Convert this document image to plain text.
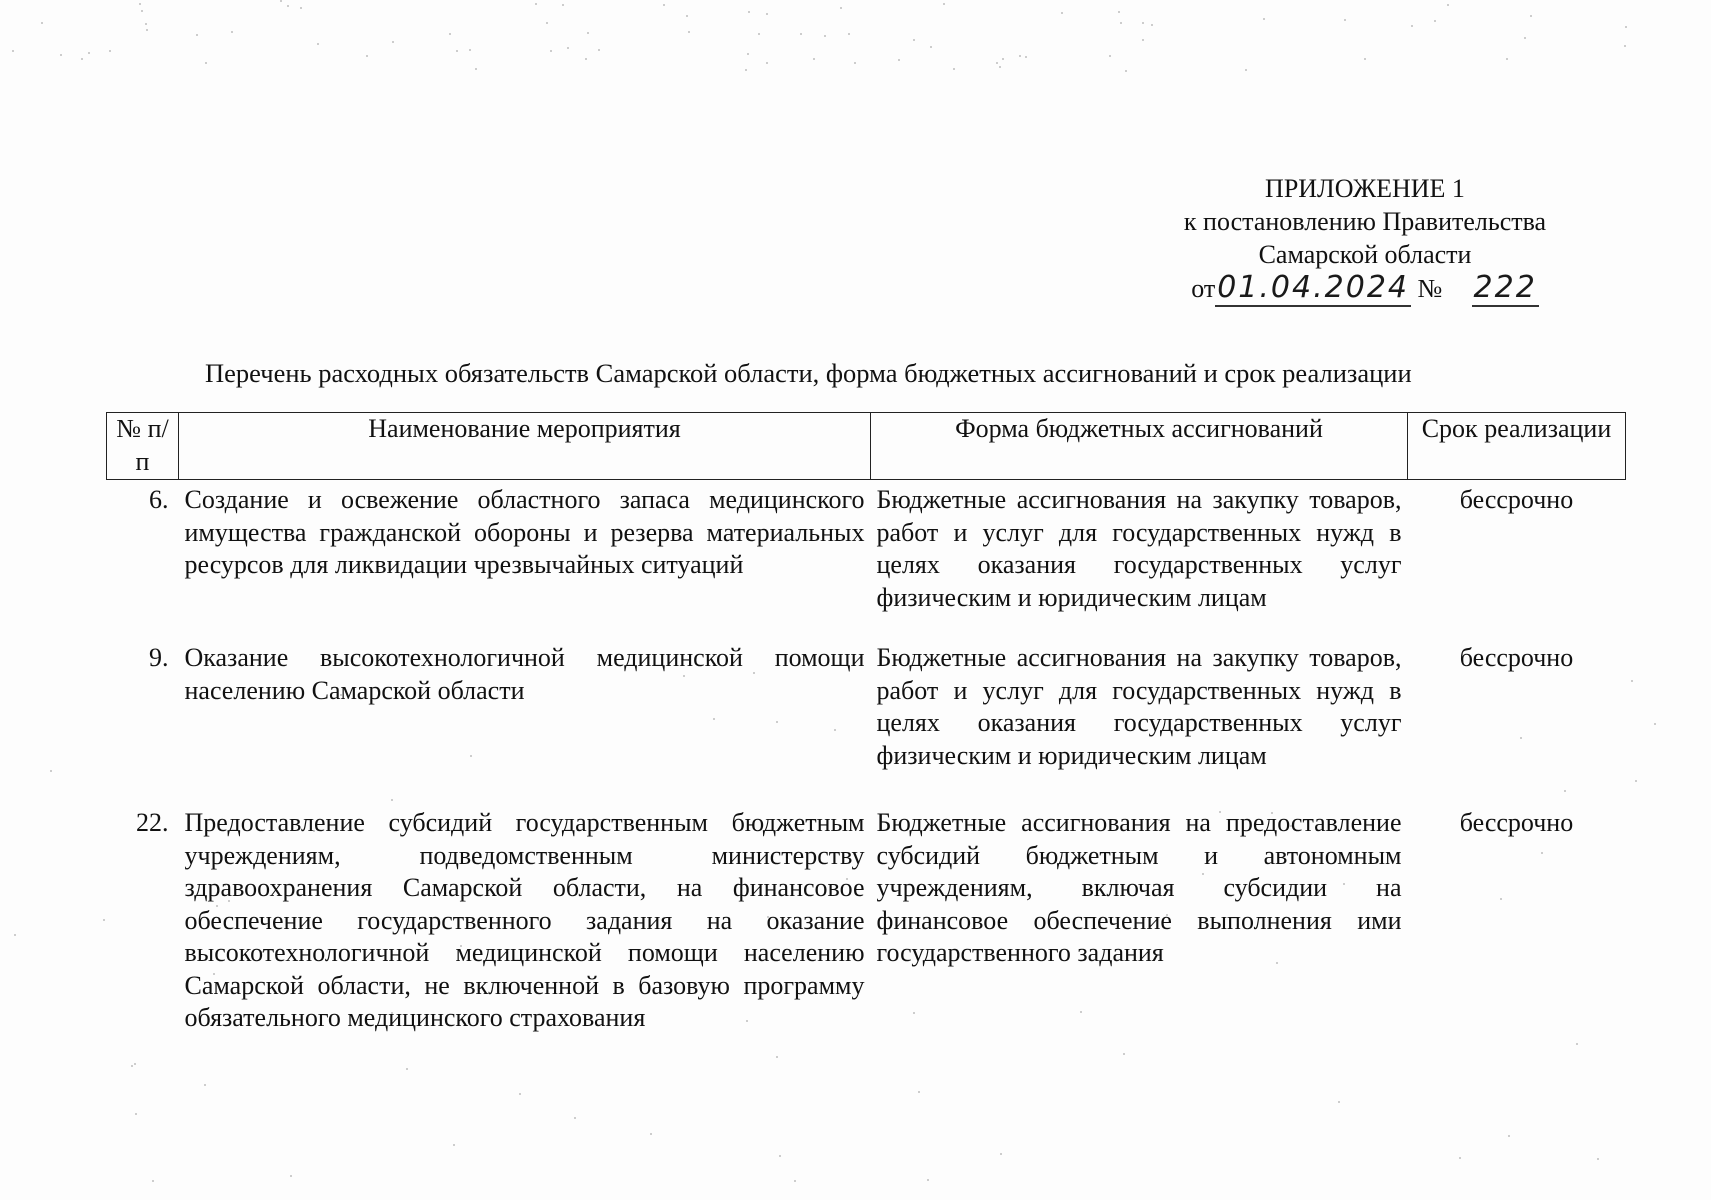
ПРИЛОЖЕНИЕ 1
к постановлению Правительства
Самарской области
от01.04.2024 № 222
Перечень расходных обязательств Самарской области, форма бюджетных ассигнований и срок реализации
№ п/п	Наименование мероприятия	Форма бюджетных ассигнований	Срок реализации
6.	Создание и освежение областного запаса медицинского имущества гражданской обороны и резерва материальных ресурсов для ликвидации чрезвычайных ситуаций	Бюджетные ассигнования на закупку товаров, работ и услуг для государственных нужд в целях оказания государственных услуг физическим и юридическим лицам	бессрочно
9.	Оказание высокотехнологичной медицинской помощи населению Самарской области	Бюджетные ассигнования на закупку товаров, работ и услуг для государственных нужд в целях оказания государственных услуг физическим и юридическим лицам	бессрочно
22.	Предоставление субсидий государственным бюджетным учреждениям, подведомственным министерству здравоохранения Самарской области, на финансовое обеспечение государственного задания на оказание высокотехнологичной медицинской помощи населению Самарской области, не включенной в базовую программу обязательного медицинского страхования	Бюджетные ассигнования на предоставление субсидий бюджетным и автономным учреждениям, включая субсидии на финансовое обеспечение выполнения ими государственного задания	бессрочно
